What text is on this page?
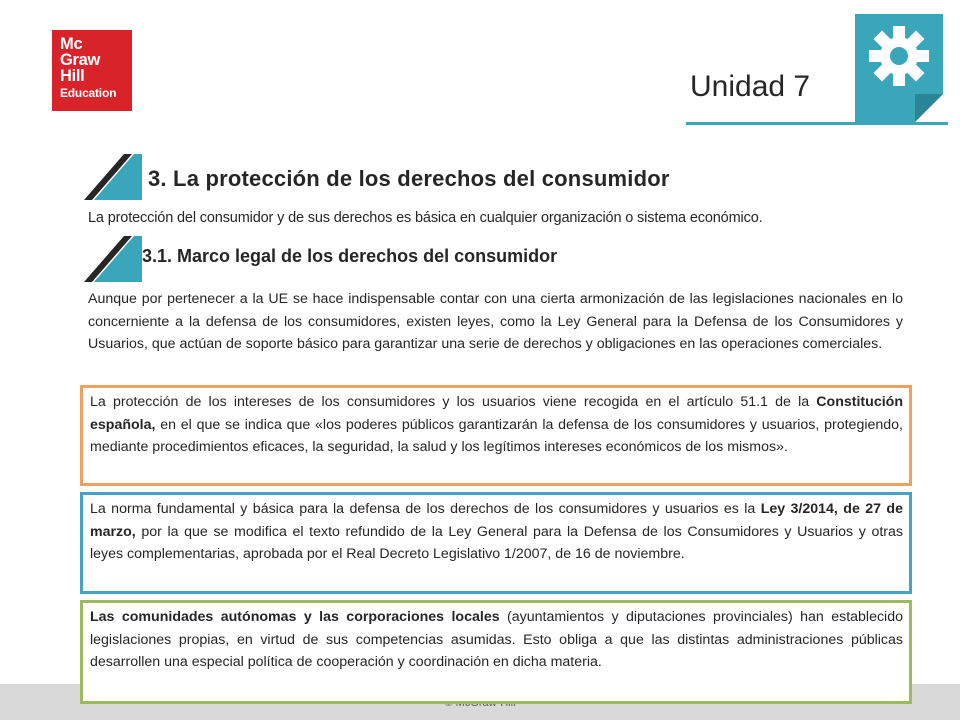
Mc
Graw
Hill
Education	Unidad 7
3. La protección de los derechos del consumidor
La protección del consumidor y de sus derechos es básica en cualquier organización o sistema económico.
3.1. Marco legal de los derechos del consumidor
Aunque por pertenecer a la UE se hace indispensable contar con una cierta armonización de las legislaciones nacionales en lo concerniente a la defensa de los consumidores, existen leyes, como la Ley General para la Defensa de los Consumidores y Usuarios, que actúan de soporte básico para garantizar una serie de derechos y obligaciones en las operaciones comerciales.
La protección de los intereses de los consumidores y los usuarios viene recogida en el artículo 51.1 de la Constitución española, en el que se indica que «los poderes públicos garantizarán la defensa de los consumidores y usuarios, protegiendo, mediante procedimientos eficaces, la seguridad, la salud y los legítimos intereses económicos de los mismos».
La norma fundamental y básica para la defensa de los derechos de los consumidores y usuarios es la Ley 3/2014, de 27 de marzo, por la que se modifica el texto refundido de la Ley General para la Defensa de los Consumidores y Usuarios y otras leyes complementarias, aprobada por el Real Decreto Legislativo 1/2007, de 16 de noviembre.
Las comunidades autónomas y las corporaciones locales (ayuntamientos y diputaciones provinciales) han establecido legislaciones propias, en virtud de sus competencias asumidas. Esto obliga a que las distintas administraciones públicas desarrollen una especial política de cooperación y coordinación en dicha materia.
